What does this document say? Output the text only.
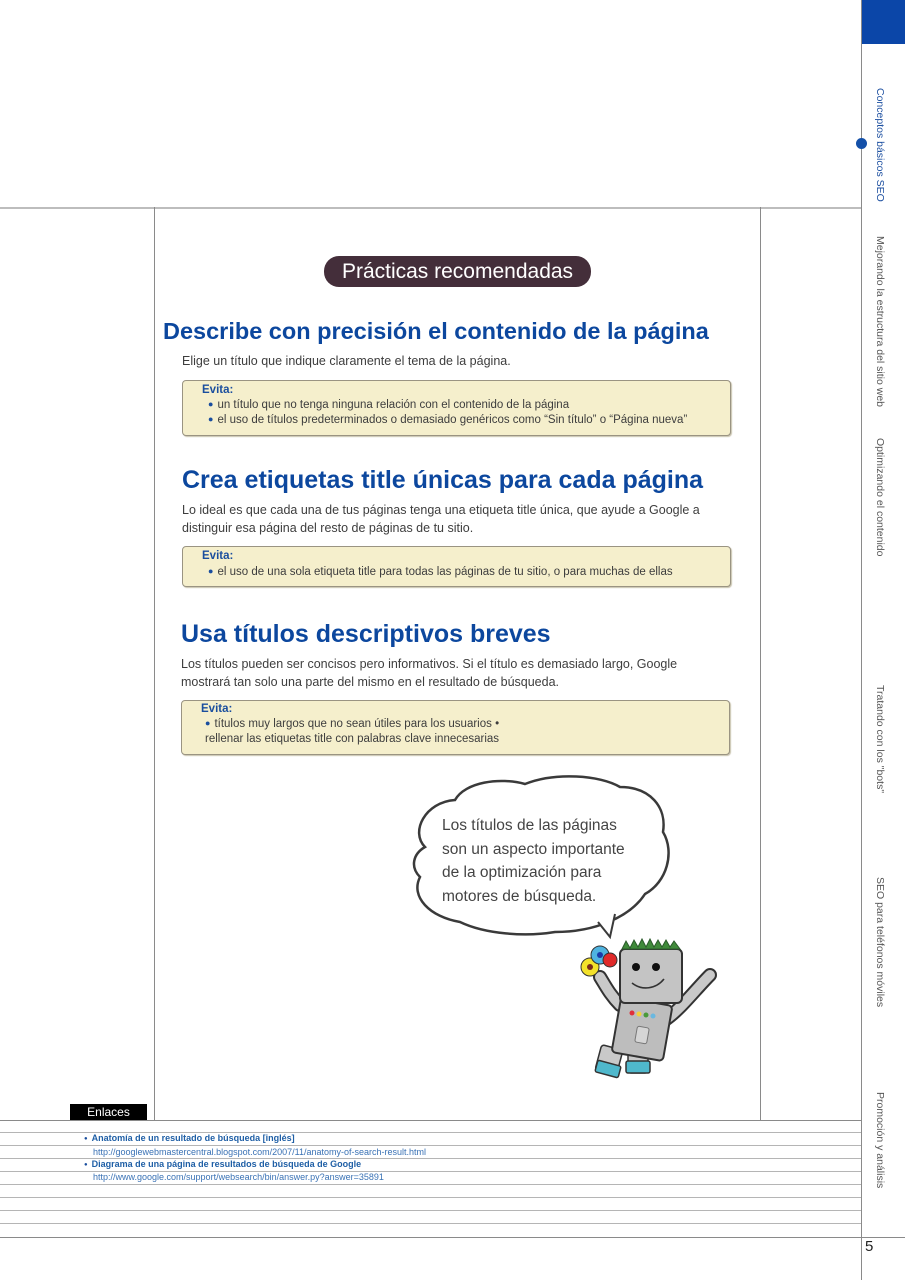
Conceptos básicos SEO
Mejorando la estructura del sitio web
Optimizando el contenido
Tratando con los "bots"
SEO para teléfonos móviles
Promoción y análisis
Prácticas recomendadas
Describe con precisión el contenido de la página
Elige un título que indique claramente el tema de la página.
Evita:
● un título que no tenga ninguna relación con el contenido de la página
● el uso de títulos predeterminados o demasiado genéricos como “Sin título” o “Página nueva”
Crea etiquetas title únicas para cada página
Lo ideal es que cada una de tus páginas tenga una etiqueta title única, que ayude a Google a
distinguir esa página del resto de páginas de tu sitio.
Evita:
● el uso de una sola etiqueta title para todas las páginas de tu sitio, o para muchas de ellas
Usa títulos descriptivos breves
Los títulos pueden ser concisos pero informativos. Si el título es demasiado largo, Google
mostrará tan solo una parte del mismo en el resultado de búsqueda.
Evita:
● títulos muy largos que no sean útiles para los usuarios •
rellenar las etiquetas title con palabras clave innecesarias
Los títulos de las páginas
son un aspecto importante
de la optimización para
motores de búsqueda.
Enlaces
● Anatomía de un resultado de búsqueda [inglés]
http://googlewebmastercentral.blogspot.com/2007/11/anatomy-of-search-result.html
● Diagrama de una página de resultados de búsqueda de Google
http://www.google.com/support/websearch/bin/answer.py?answer=35891
5
